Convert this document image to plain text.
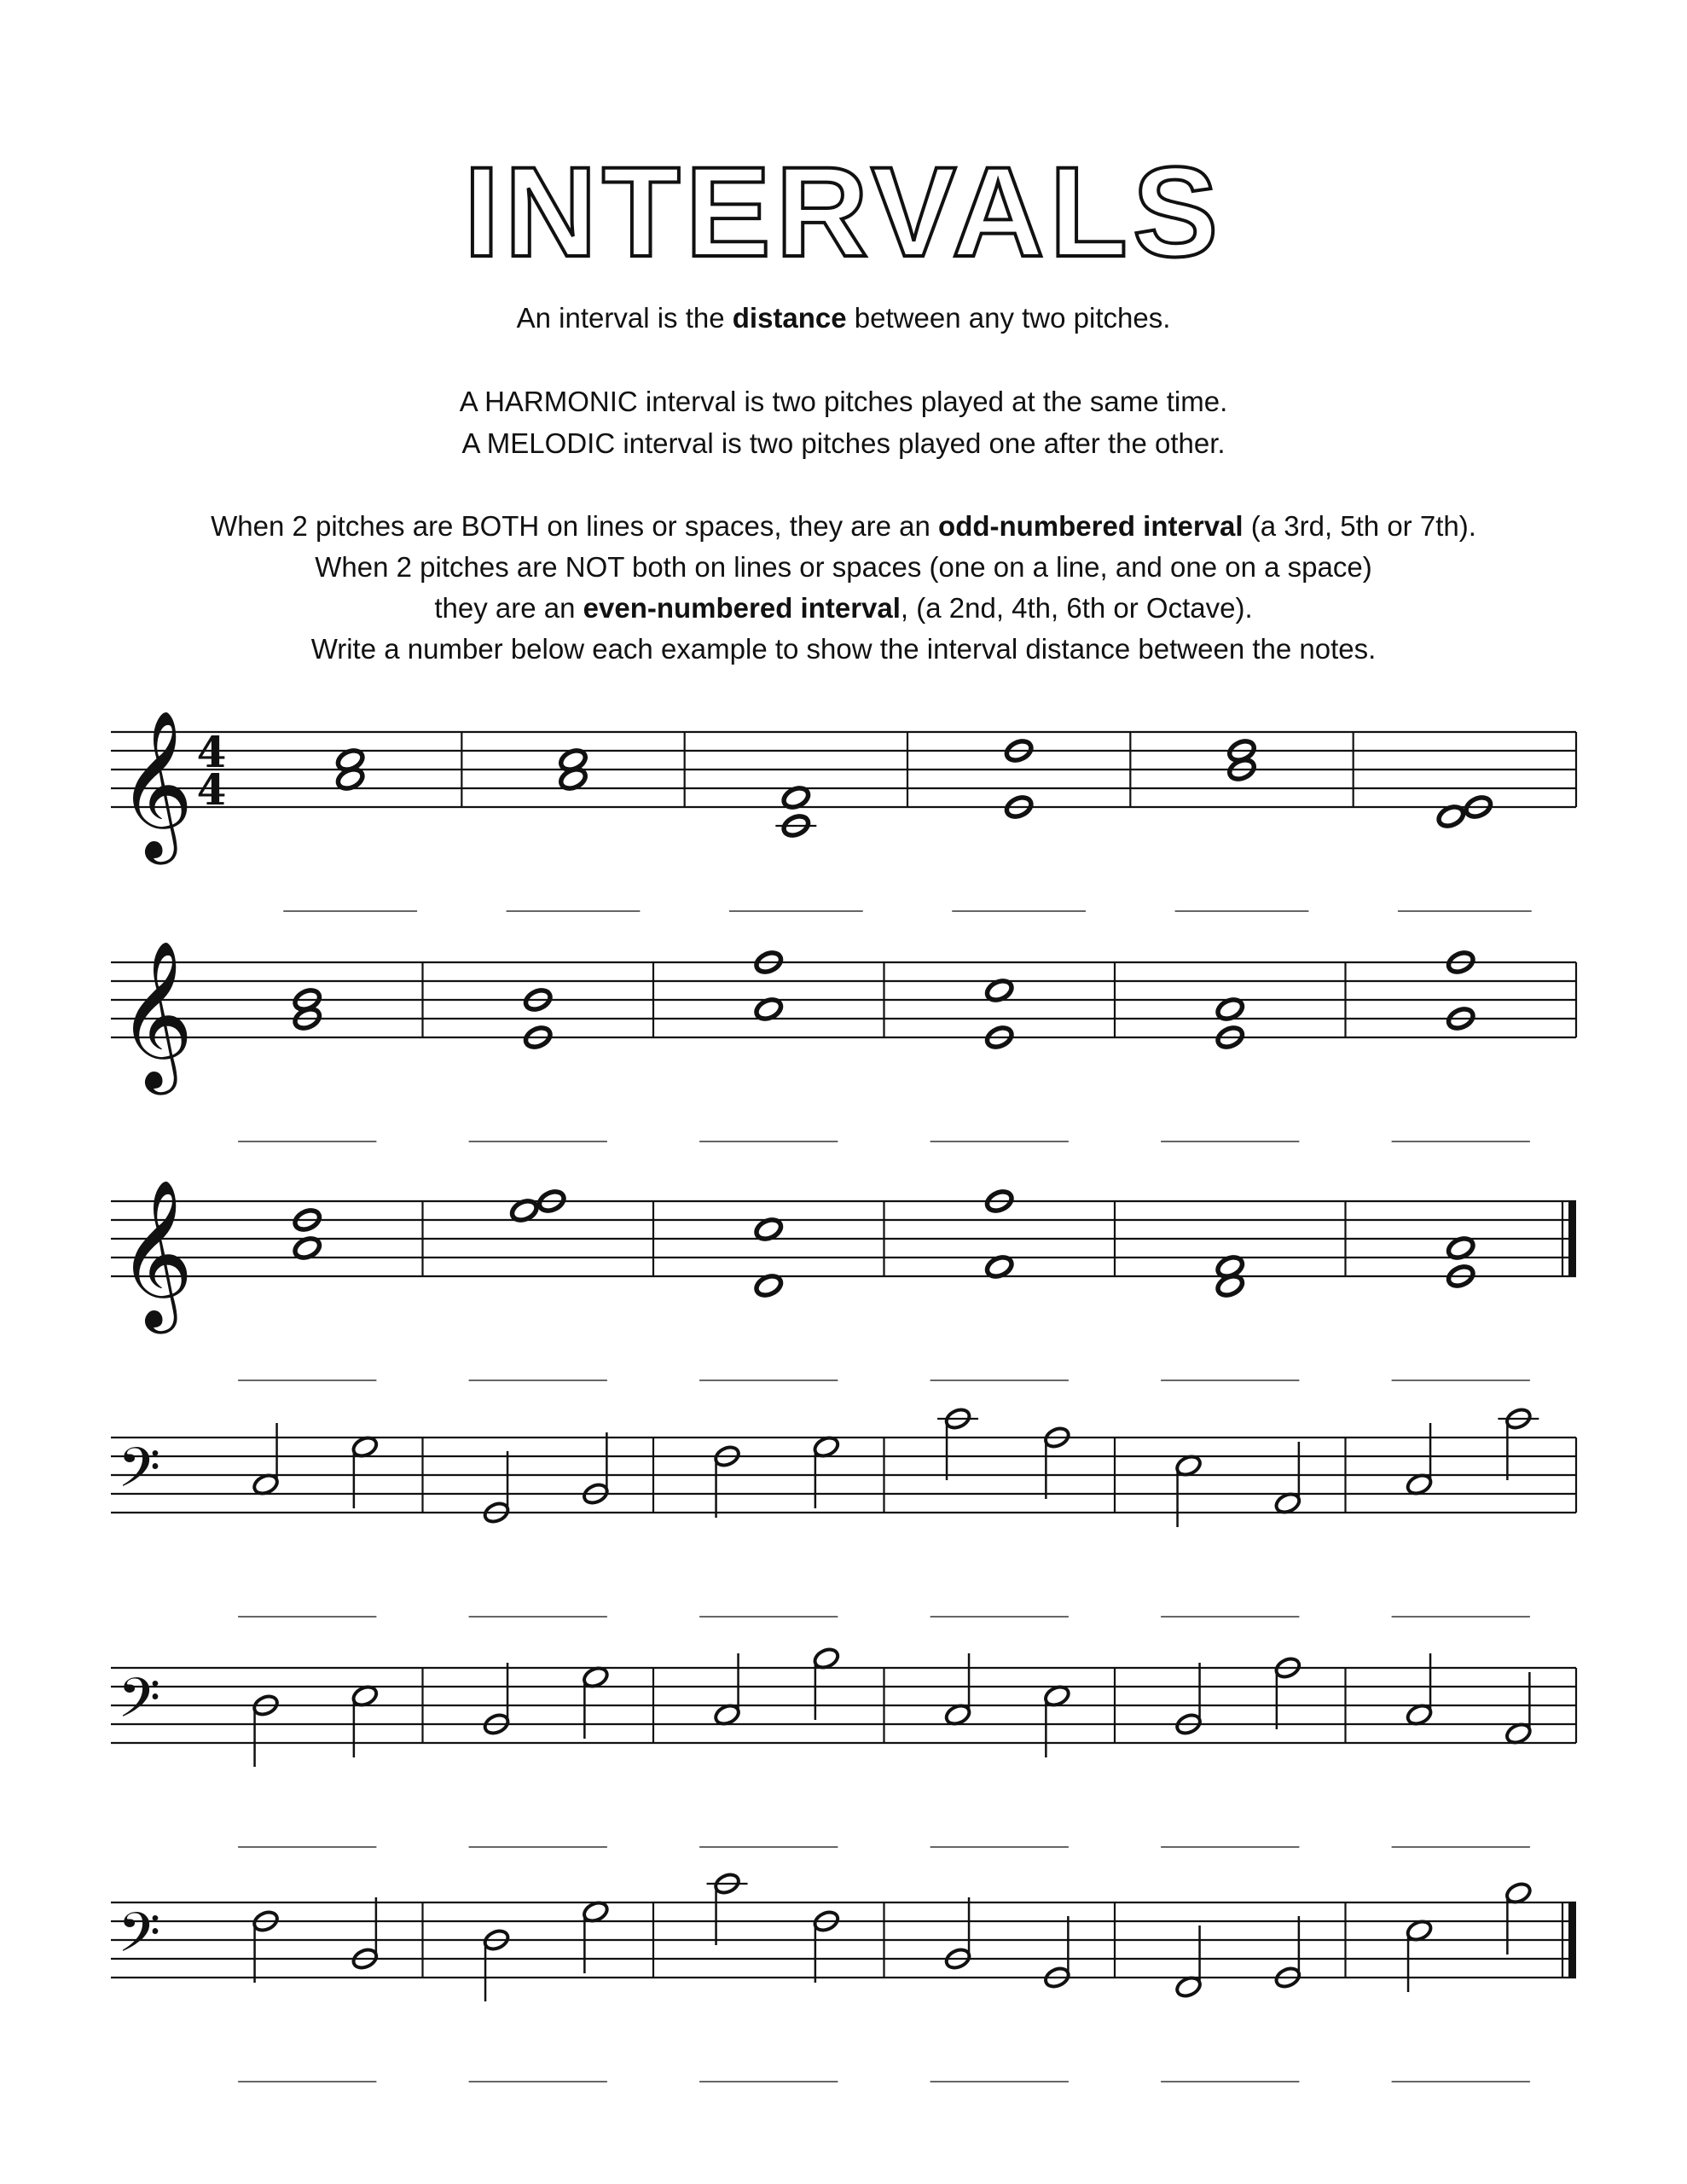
INTERVALS
An interval is the distance between any two pitches.
A HARMONIC interval is two pitches played at the same time.
A MELODIC interval is two pitches played one after the other.
When 2 pitches are BOTH on lines or spaces, they are an odd-numbered interval (a 3rd, 5th or 7th).
When 2 pitches are NOT both on lines or spaces (one on a line, and one on a space)
they are an even-numbered interval, (a 2nd, 4th, 6th or Octave).
Write a number below each example to show the interval distance between the notes.
𝄞 4
4
𝄞
𝄞
𝄢
𝄢
𝄢
